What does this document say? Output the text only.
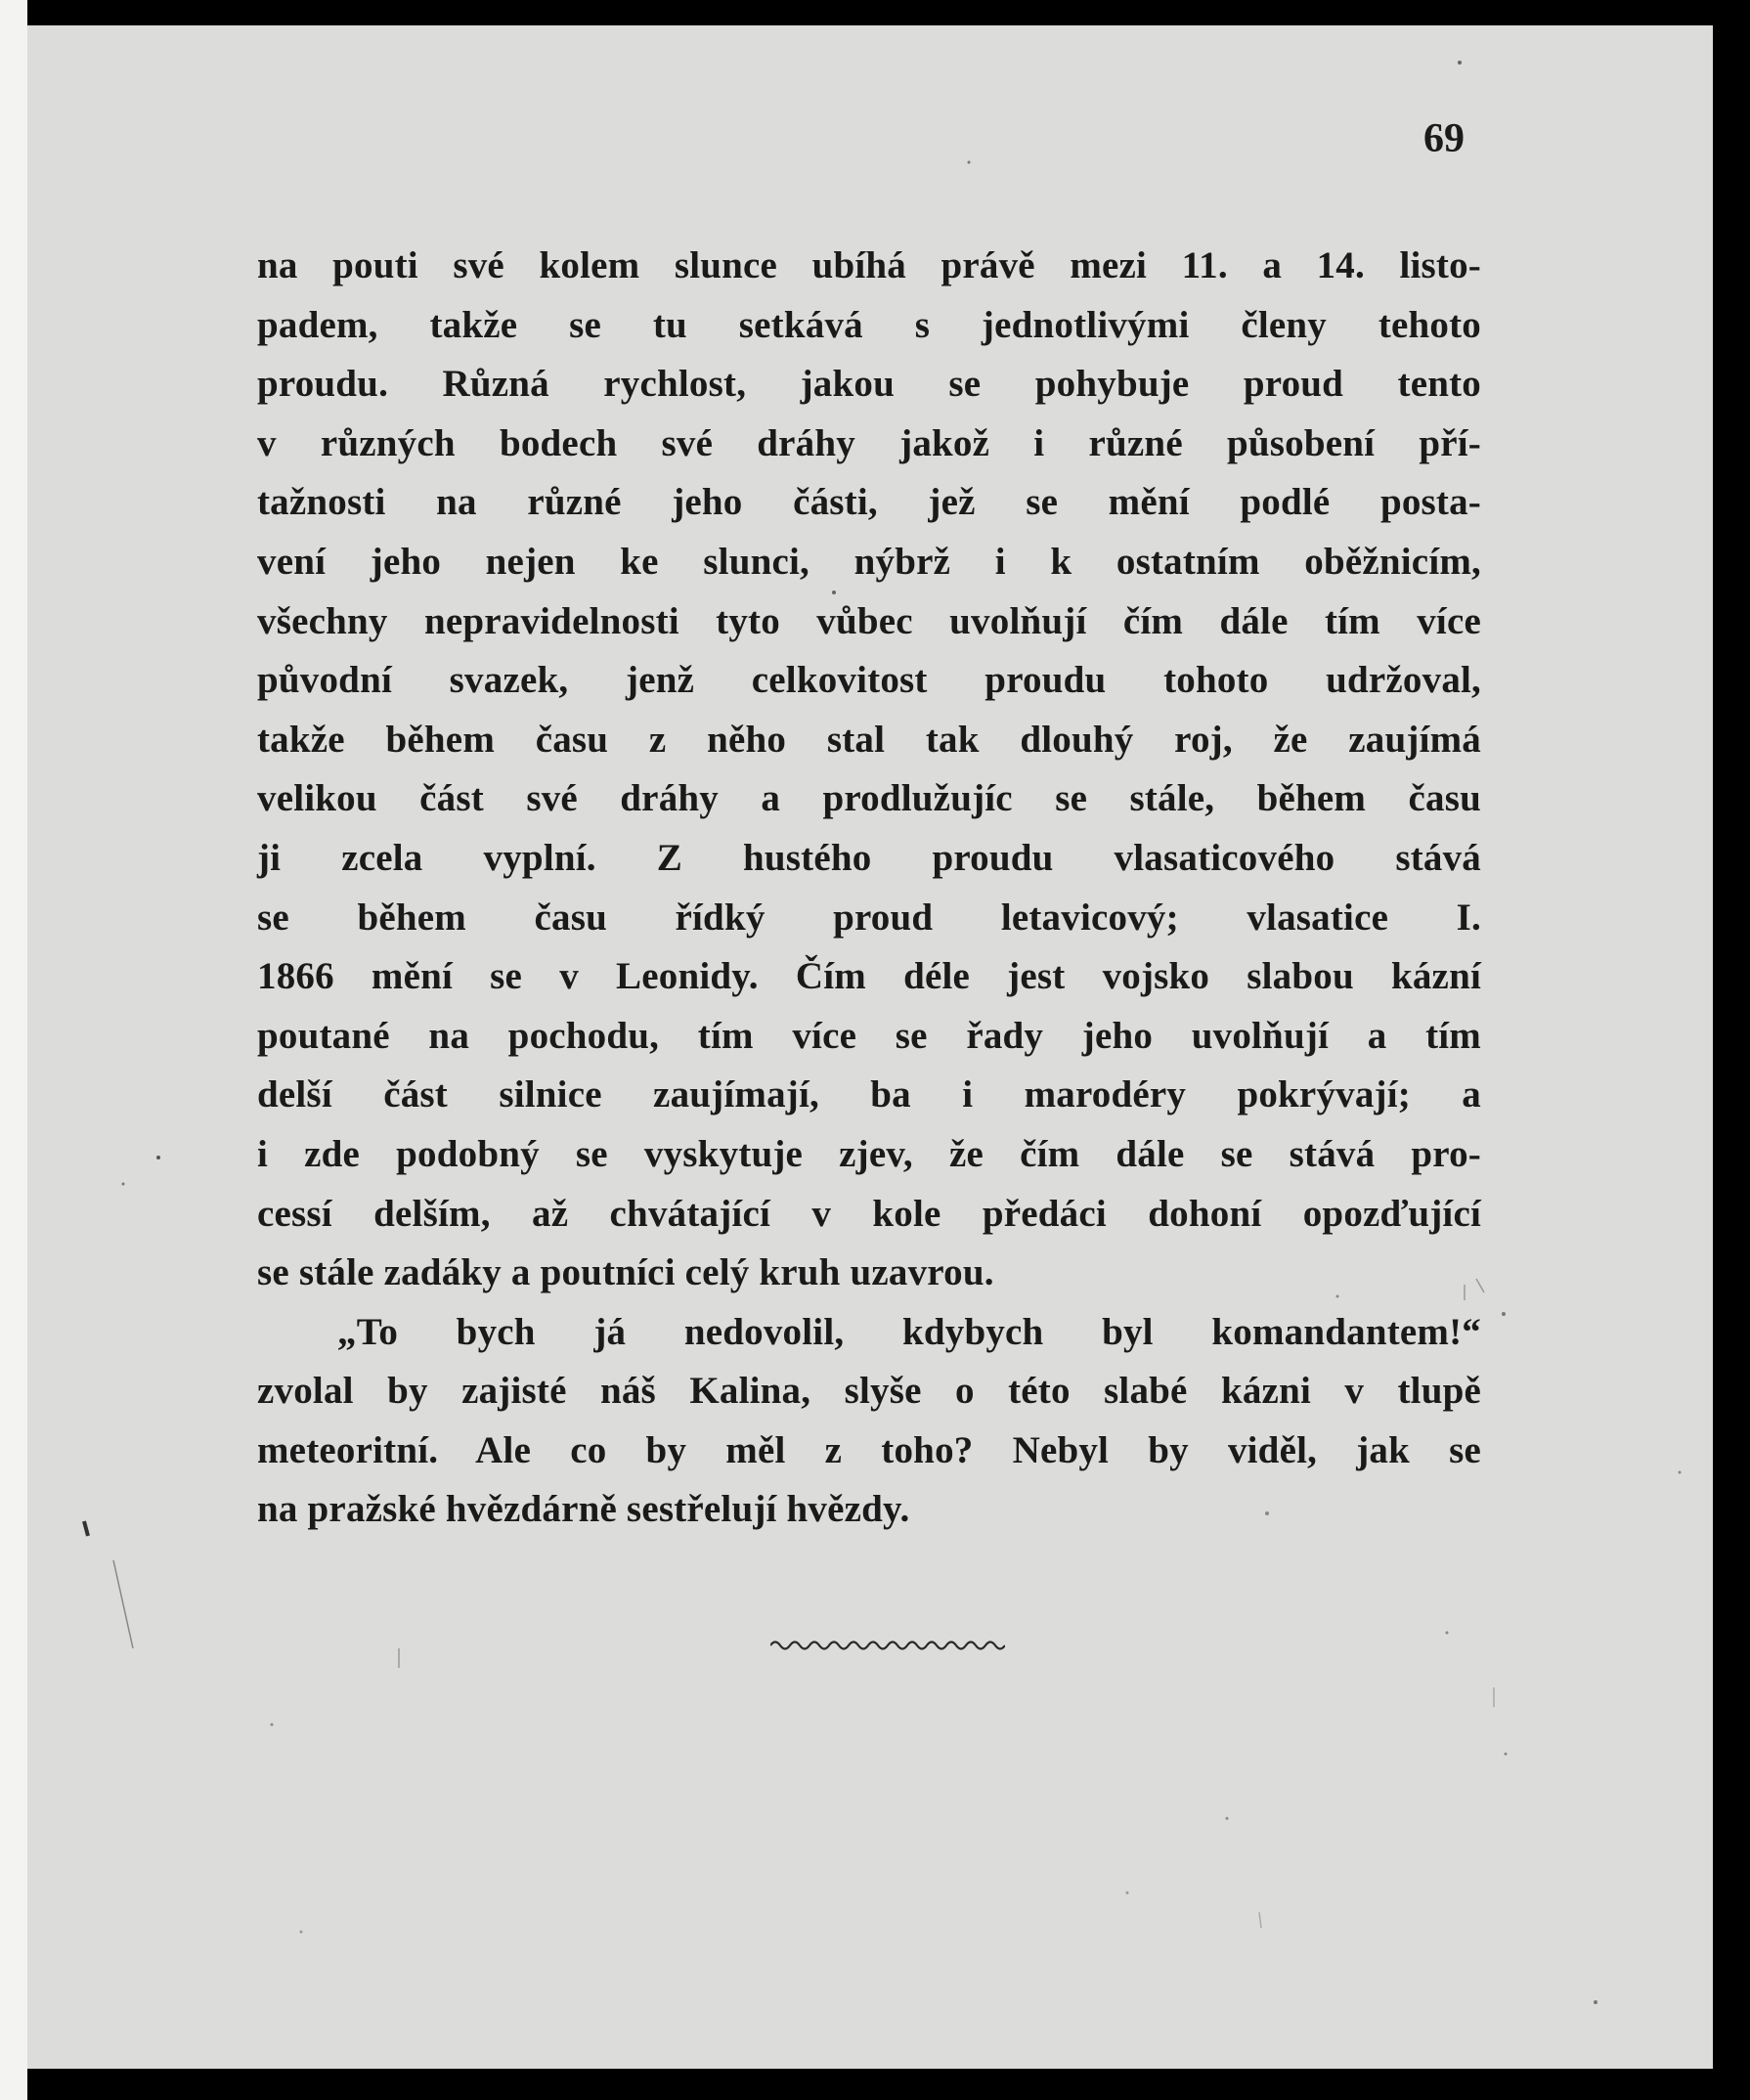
69

na pouti své kolem slunce ubíhá právě mezi 11. a 14. listo-
padem, takže se tu setkává s jednotlivými členy tehoto
proudu. Různá rychlost, jakou se pohybuje proud tento
v různých bodech své dráhy jakož i různé působení pří-
tažnosti na různé jeho části, jež se mění podlé posta-
vení jeho nejen ke slunci, nýbrž i k ostatním oběžnicím,
všechny nepravidelnosti tyto vůbec uvolňují čím dále tím více
původní svazek, jenž celkovitost proudu tohoto udržoval,
takže během času z něho stal tak dlouhý roj, že zaujímá
velikou část své dráhy a prodlužujíc se stále, během času
ji zcela vyplní. Z hustého proudu vlasaticového stává
se během času řídký proud letavicový; vlasatice I.
1866 mění se v Leonidy. Čím déle jest vojsko slabou kázní
poutané na pochodu, tím více se řady jeho uvolňují a tím
delší část silnice zaujímají, ba i marodéry pokrývají; a
i zde podobný se vyskytuje zjev, že čím dále se stává pro-
cessí delším, až chvátající v kole předáci dohoní opozďující
se stále zadáky a poutníci celý kruh uzavrou.
„To bych já nedovolil, kdybych byl komandantem!“
zvolal by zajisté náš Kalina, slyše o této slabé kázni v tlupě
meteoritní. Ale co by měl z toho? Nebyl by viděl, jak se
na pražské hvězdárně sestřelují hvězdy.
